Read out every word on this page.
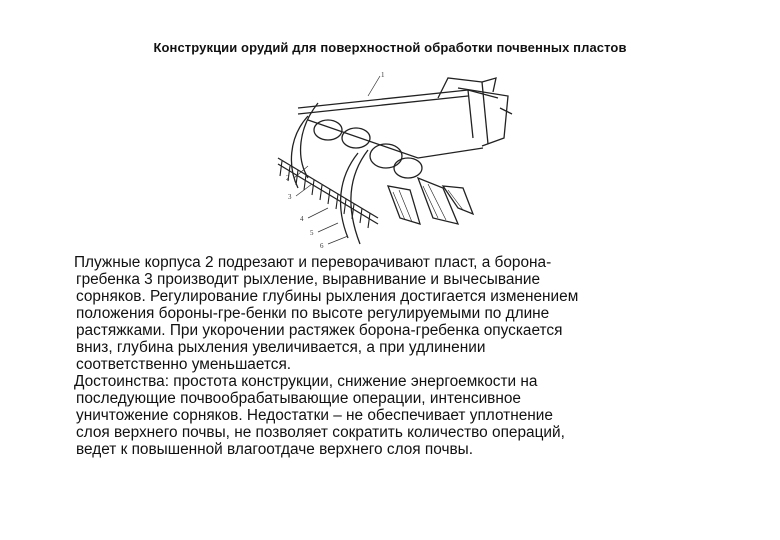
Конструкции орудий для поверхностной обработки почвенных пластов
1
2
3
4
5
6

Плужные корпуса 2 подрезают и переворачивают пласт, а борона-
гребенка 3 производит рыхление, выравнивание и вычесывание
сорняков. Регулирование глубины рыхления достигается изменением
положения бороны-гре-бенки по высоте регулируемыми по длине
растяжками. При укорочении растяжек борона-гребенка опускается
вниз, глубина рыхления увеличивается, а при удлинении
соответственно уменьшается.

Достоинства: простота конструкции, снижение энергоемкости на
последующие почвообрабатывающие операции, интенсивное
уничтожение сорняков. Недостатки – не обеспечивает уплотнение
слоя верхнего почвы, не позволяет сократить количество операций,
ведет к повышенной влагоотдаче верхнего слоя почвы.
